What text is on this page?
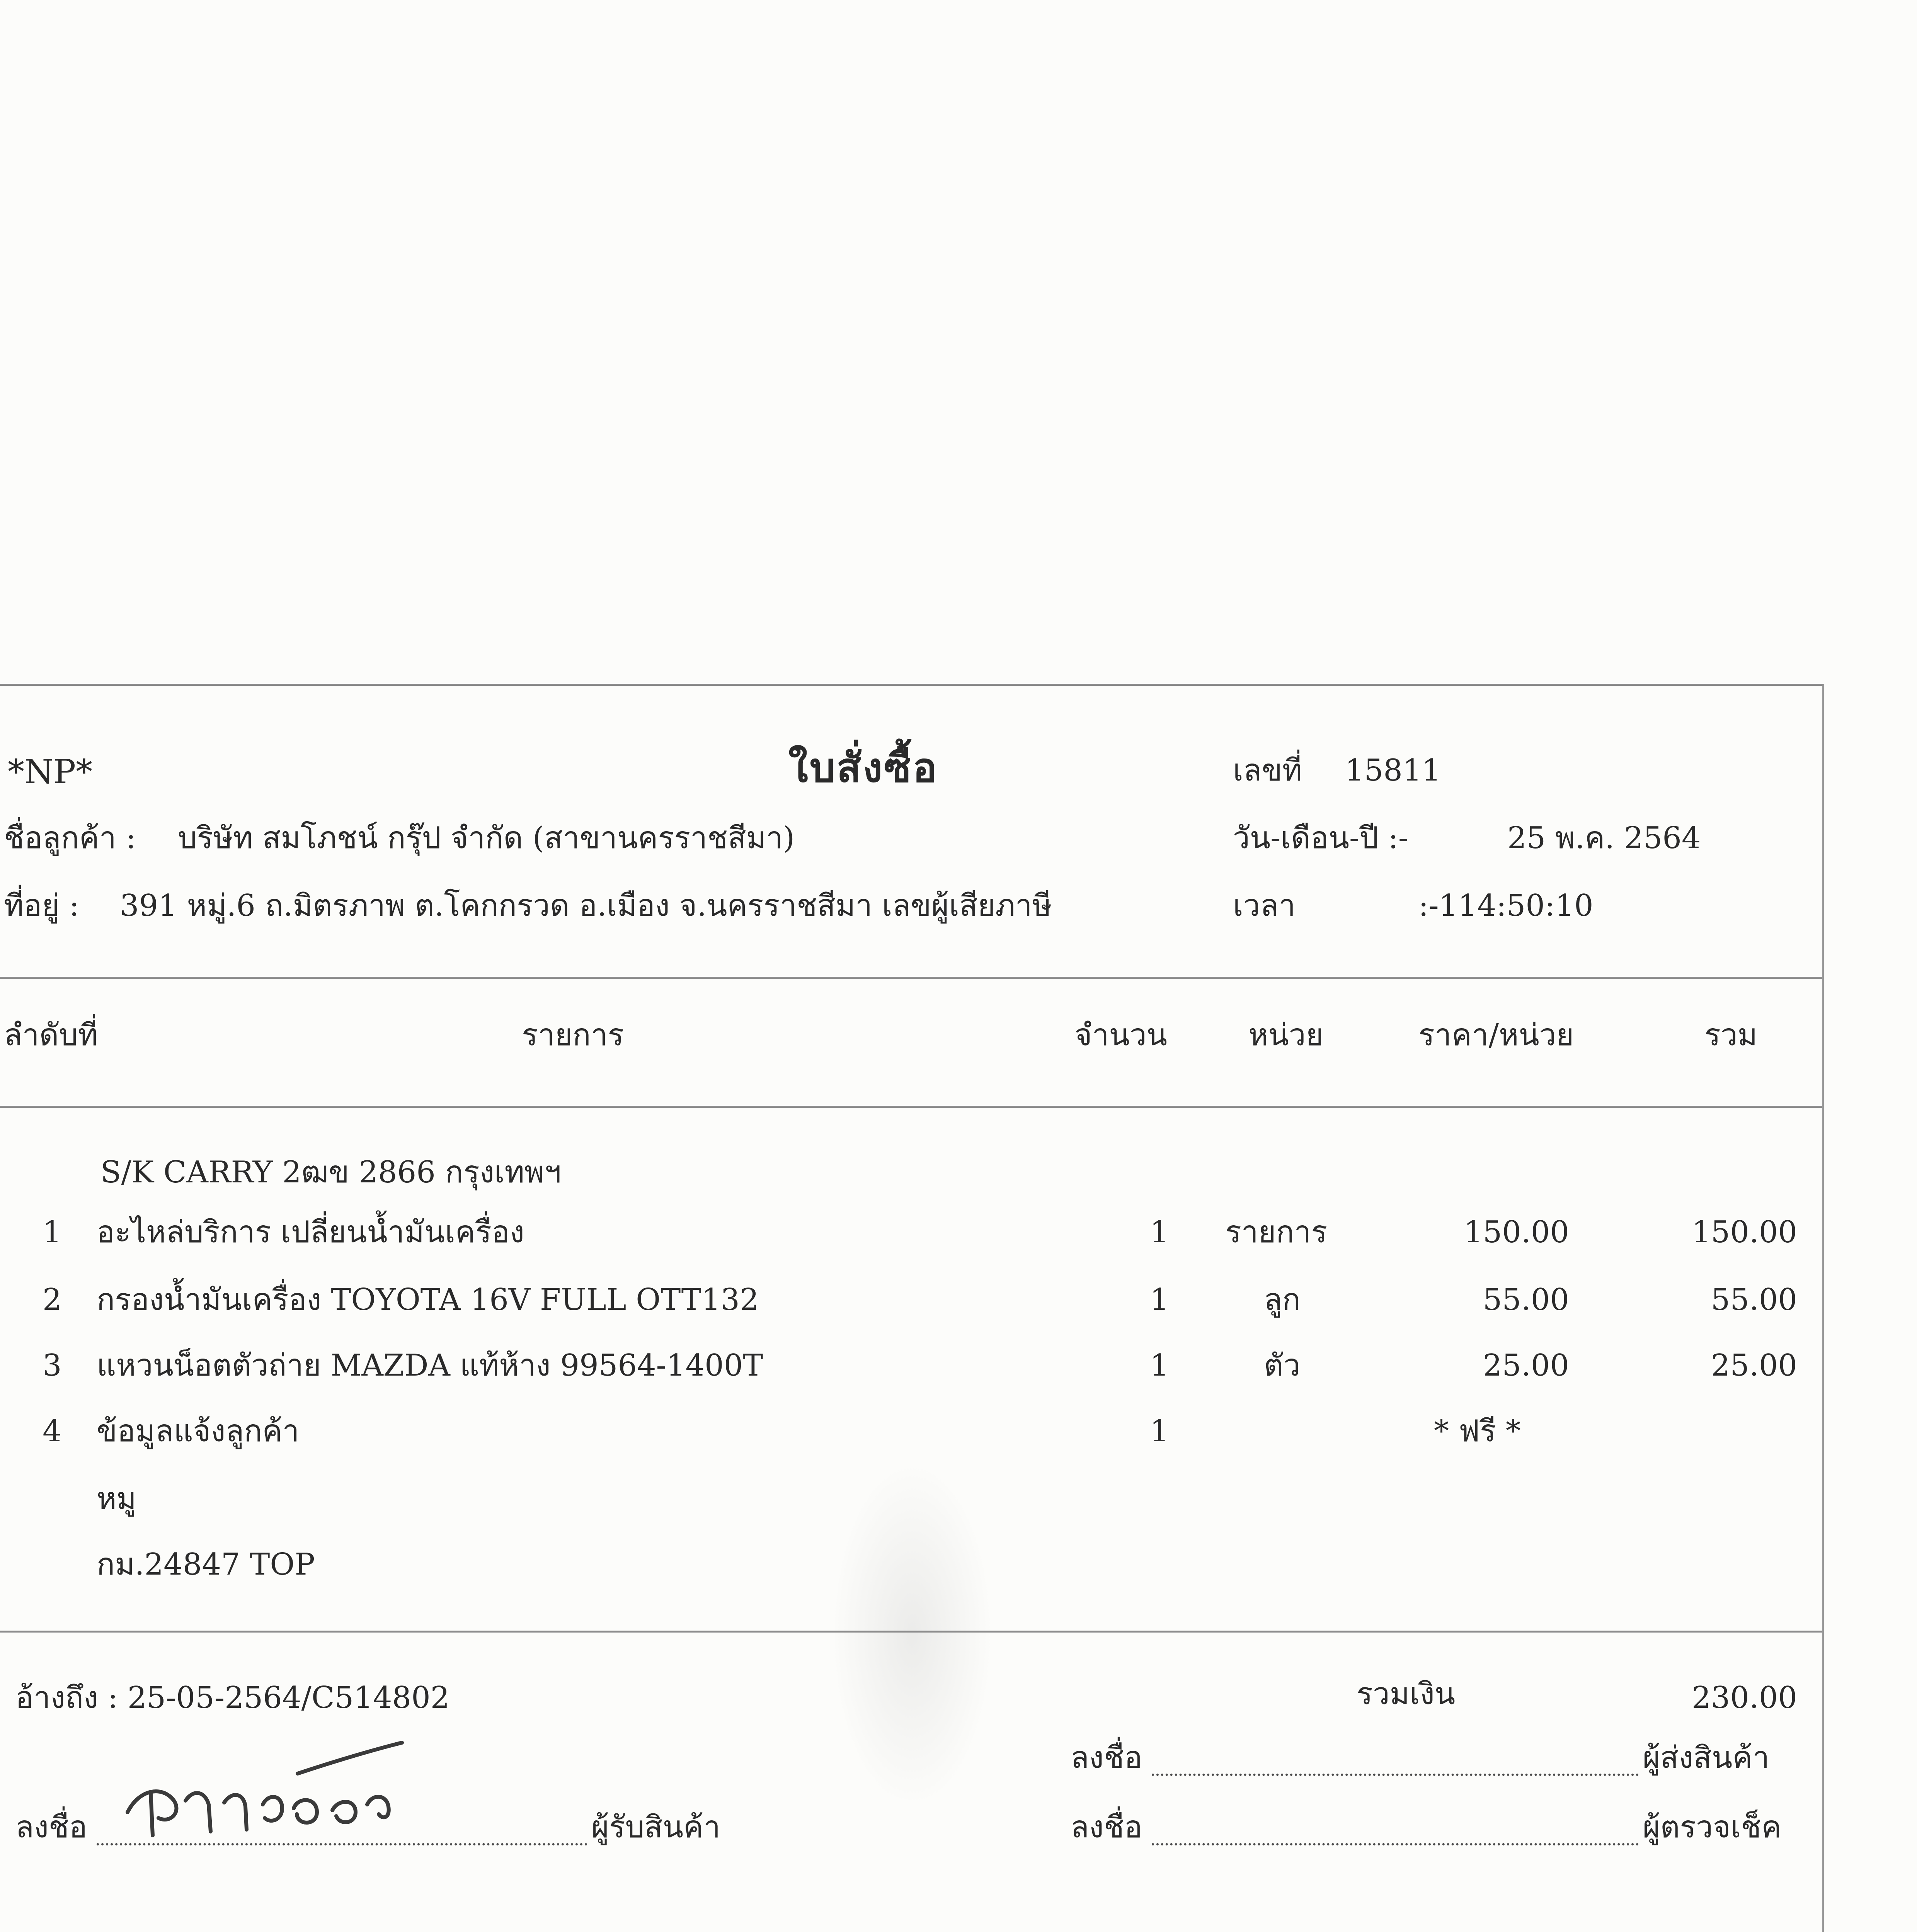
*NP*	ใบสั่งซื้อ	เลขที่ 15811
ชื่อลูกค้า : บริษัท สมโภชน์ กรุ๊ป จำกัด (สาขานครราชสีมา)	วัน-เดือน-ปี :-	25 พ.ค. 2564
ที่อยู่ : 391 หมู่.6 ถ.มิตรภาพ ต.โคกกรวด อ.เมือง จ.นครราชสีมา เลขผู้เสียภาษี	เวลา	:-114:50:10
ลำดับที่	รายการ	จำนวน	หน่วย	ราคา/หน่วย	รวม
S/K CARRY 2ฒข 2866 กรุงเทพฯ
1 อะไหล่บริการ เปลี่ยนน้ำมันเครื่อง	1 รายการ	150.00	150.00
2 กรองน้ำมันเครื่อง TOYOTA 16V FULL OTT132	1	ลูก	55.00	55.00
3 แหวนน็อตตัวถ่าย MAZDA แท้ห้าง 99564-1400T	1	ตัว	25.00	25.00
4 ข้อมูลแจ้งลูกค้า	1	* ฟรี *
หมู
กม.24847 TOP
อ้างถึง : 25-05-2564/C514802	รวมเงิน	230.00
ลงชื่อ	ผู้ส่งสินค้า
ลงชื่อ	ผู้รับสินค้า	ลงชื่อ	ผู้ตรวจเช็ค
